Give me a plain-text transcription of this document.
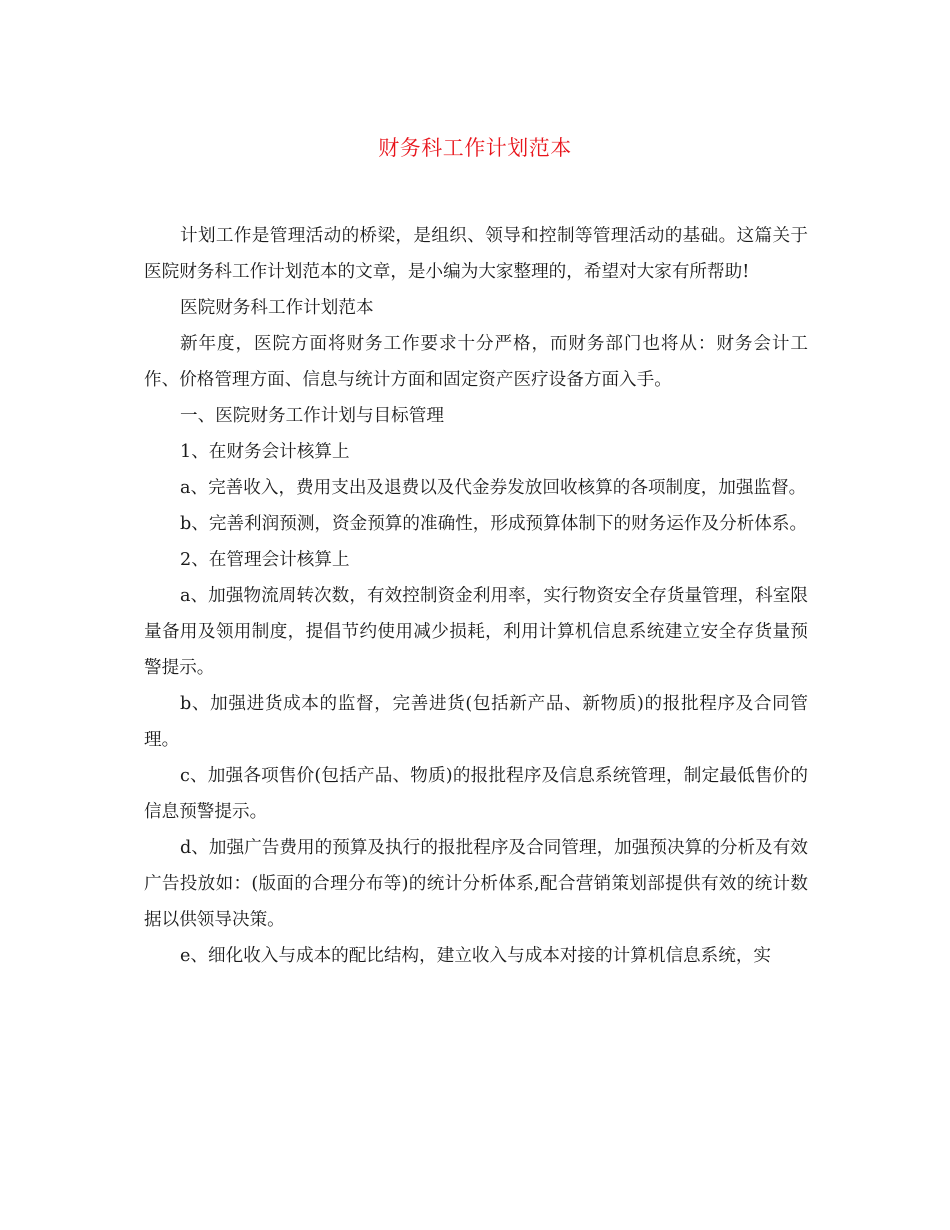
财务科工作计划范本

计划工作是管理活动的桥梁，是组织、领导和控制等管理活动的基础。这篇关于医院财务科工作计划范本的文章，是小编为大家整理的，希望对大家有所帮助!

医院财务科工作计划范本

新年度，医院方面将财务工作要求十分严格，而财务部门也将从：财务会计工作、价格管理方面、信息与统计方面和固定资产医疗设备方面入手。

一、医院财务工作计划与目标管理

1、在财务会计核算上

a、完善收入，费用支出及退费以及代金券发放回收核算的各项制度，加强监督。

b、完善利润预测，资金预算的准确性，形成预算体制下的财务运作及分析体系。

2、在管理会计核算上

a、加强物流周转次数，有效控制资金利用率，实行物资安全存货量管理，科室限量备用及领用制度，提倡节约使用减少损耗，利用计算机信息系统建立安全存货量预警提示。

b、加强进货成本的监督，完善进货(包括新产品、新物质)的报批程序及合同管理。

c、加强各项售价(包括产品、物质)的报批程序及信息系统管理，制定最低售价的信息预警提示。

d、加强广告费用的预算及执行的报批程序及合同管理，加强预决算的分析及有效广告投放如：(版面的合理分布等)的统计分析体系,配合营销策划部提供有效的统计数据以供领导决策。

e、细化收入与成本的配比结构，建立收入与成本对接的计算机信息系统，实
